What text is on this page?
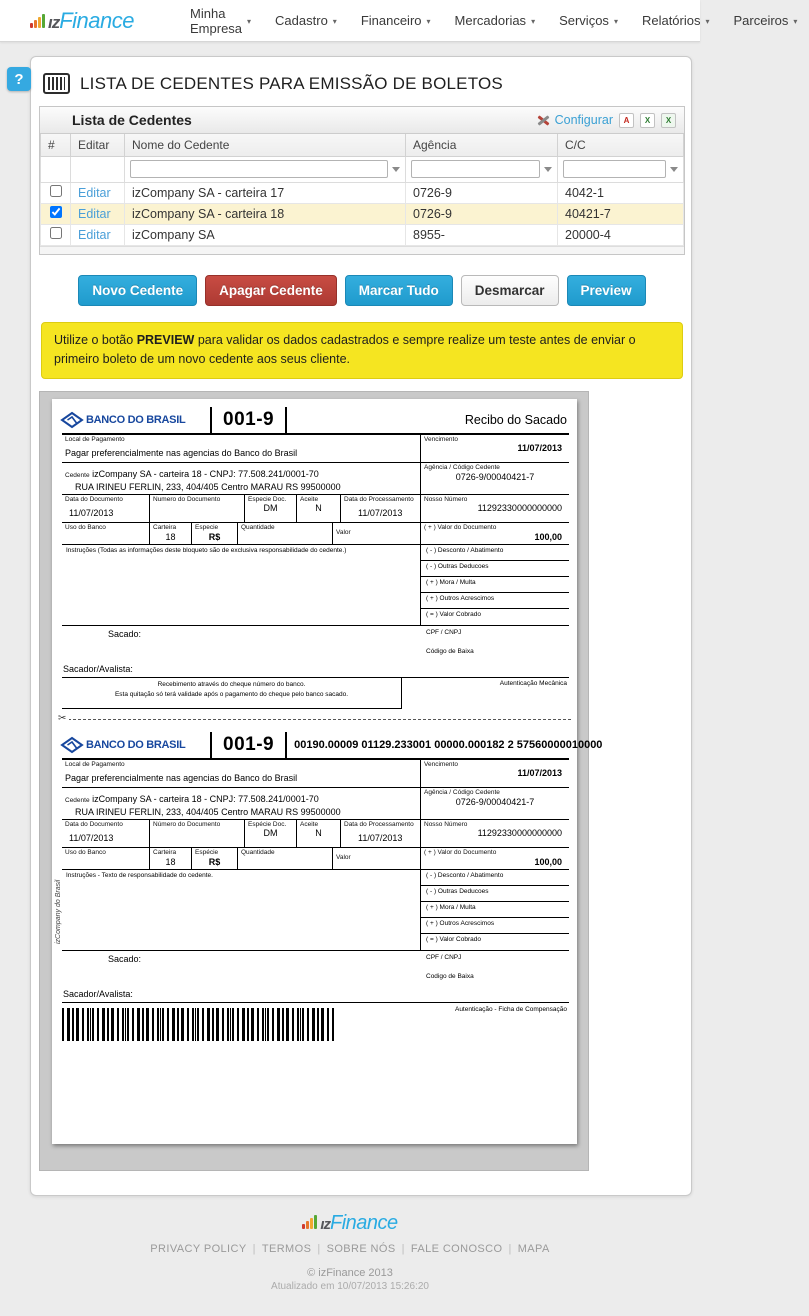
ız Finance	Minha Empresa ▾ Cadastro ▾ Financeiro ▾ Mercadorias ▾ Serviços ▾ Relatórios ▾ Parceiros ▾
?	LISTA DE CEDENTES PARA EMISSÃO DE BOLETOS
Lista de Cedentes	Configurar	A	X	X
#	Editar	Nome do Cedente	Agência	C/C

	Editar	izCompany SA - carteira 17	0726-9	4042-1
	Editar	izCompany SA - carteira 18	0726-9	40421-7
	Editar	izCompany SA	8955-	20000-4
Novo Cedente	Apagar Cedente	Marcar Tudo	Desmarcar	Preview
Utilize o botão PREVIEW para validar os dados cadastrados e sempre realize um teste antes de enviar o primeiro boleto de um novo cedente aos seus cliente.
BANCO DO BRASIL	001-9	Recibo do Sacado
Local de Pagamento
Pagar preferencialmente nas agencias do Banco do Brasil
Vencimento
11/07/2013
Cedente izCompany SA - carteira 18 - CNPJ: 77.508.241/0001-70
RUA IRINEU FERLIN, 233, 404/405 Centro MARAU RS 99500000
Agência / Código Cedente
0726-9/00040421-7
Data do Documento
11/07/2013
Numero do Documento	Especie Doc.
DM
Aceite
N
Data do Processamento
11/07/2013
Nosso Número
11292330000000000
Uso do Banco	Carteira
18
Especie
R$
Quantidade
Valor
( + ) Valor do Documento
100,00
Instruções (Todas as informações deste bloqueto são de exclusiva responsabilidade do cedente.)	( - ) Desconto / Abatimento
( - ) Outras Deducoes
( + ) Mora / Multa
( + ) Outros Acrescimos
( = ) Valor Cobrado
Sacado:	CPF / CNPJ
Código de Baixa
Sacador/Avalista:
Recebimento através do cheque número do banco.
Esta quitação só terá validade após o pagamento do cheque pelo banco sacado.
Autenticação Mecânica
✂
izCompany do Brasil
BANCO DO BRASIL	001-9	00190.00009 01129.233001 00000.000182 2 57560000010000
Local de Pagamento
Pagar preferencialmente nas agencias do Banco do Brasil
Vencimento
11/07/2013
Cedente izCompany SA - carteira 18 - CNPJ: 77.508.241/0001-70
RUA IRINEU FERLIN, 233, 404/405 Centro MARAU RS 99500000
Agência / Código Cedente
0726-9/00040421-7
Data do Documento
11/07/2013
Número do Documento	Espécie Doc.
DM
Aceite
N
Data do Processamento
11/07/2013
Nosso Número
11292330000000000
Uso do Banco	Carteira
18
Espécie
R$
Quantidade
Valor
( + ) Valor do Documento
100,00
Instruções - Texto de responsabilidade do cedente.	( - ) Desconto / Abatimento
( - ) Outras Deducoes
( + ) Mora / Multa
( + ) Outros Acrescimos
( = ) Valor Cobrado
Sacado:	CPF / CNPJ
Codigo de Baixa
Sacador/Avalista:
Autenticação - Ficha de Compensação
ız Finance
PRIVACY POLICY | TERMOS | SOBRE NÓS | FALE CONOSCO | MAPA
© izFinance 2013
Atualizado em 10/07/2013 15:26:20
